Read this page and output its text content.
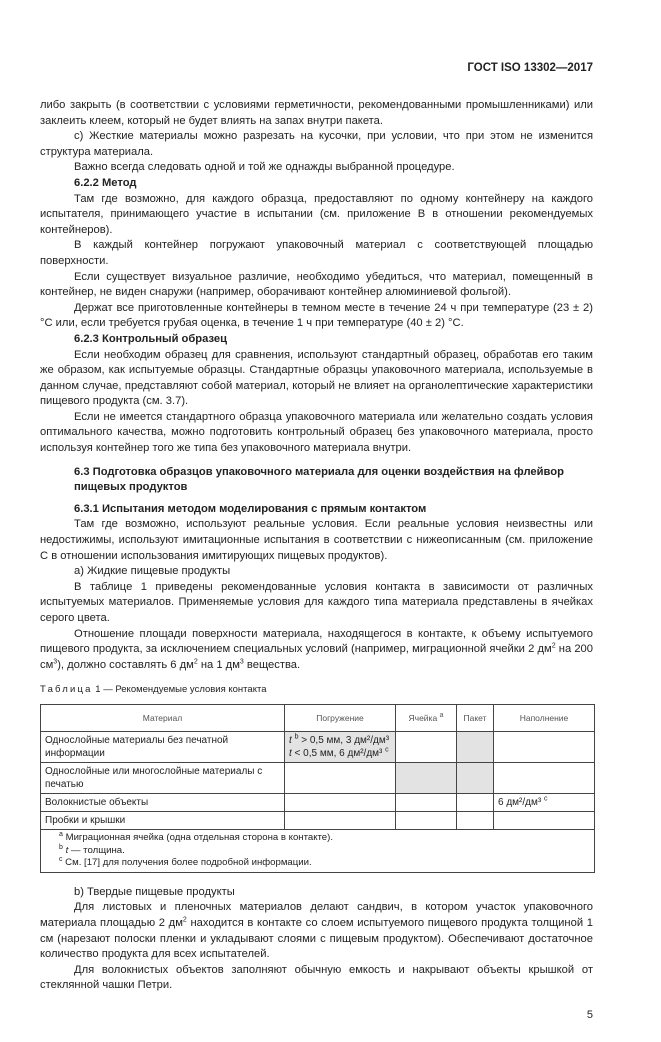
ГОСТ ISO 13302—2017

либо закрыть (в соответствии с условиями герметичности, рекомендованными промышленниками) или заклеить клеем, который не будет влиять на запах внутри пакета.

c) Жесткие материалы можно разрезать на кусочки, при условии, что при этом не изменится структура материала.

Важно всегда следовать одной и той же однажды выбранной процедуре.

6.2.2 Метод

Там где возможно, для каждого образца, предоставляют по одному контейнеру на каждого испытателя, принимающего участие в испытании (см. приложение В в отношении рекомендуемых контейнеров).

В каждый контейнер погружают упаковочный материал с соответствующей площадью поверхности.

Если существует визуальное различие, необходимо убедиться, что материал, помещенный в контейнер, не виден снаружи (например, оборачивают контейнер алюминиевой фольгой).

Держат все приготовленные контейнеры в темном месте в течение 24 ч при температуре (23 ± 2) °С или, если требуется грубая оценка, в течение 1 ч при температуре (40 ± 2) °С.

6.2.3 Контрольный образец

Если необходим образец для сравнения, используют стандартный образец, обработав его таким же образом, как испытуемые образцы. Стандартные образцы упаковочного материала, используемые в данном случае, представляют собой материал, который не влияет на органолептические характеристики пищевого продукта (см. 3.7).

Если не имеется стандартного образца упаковочного материала или желательно создать условия оптимального качества, можно подготовить контрольный образец без упаковочного материала, просто используя контейнер того же типа без упаковочного материала внутри.

6.3 Подготовка образцов упаковочного материала для оценки воздействия на флейвор пищевых продуктов
6.3.1 Испытания методом моделирования с прямым контактом

Там где возможно, используют реальные условия. Если реальные условия неизвестны или недостижимы, используют имитационные испытания в соответствии с нижеописанным (см. приложение С в отношении использования имитирующих пищевых продуктов).

a) Жидкие пищевые продукты

В таблице 1 приведены рекомендованные условия контакта в зависимости от различных испытуемых материалов. Применяемые условия для каждого типа материала представлены в ячейках серого цвета.

Отношение площади поверхности материала, находящегося в контакте, к объему испытуемого пищевого продукта, за исключением специальных условий (например, миграционной ячейки 2 $дм^2$ на 200 $см^3$), должно составлять 6 $дм^2$ на 1 $дм^3$ вещества.

Таблица 1 — Рекомендуемые условия контакта
Материал	Погружение	Ячейка $^a$	Пакет	Наполнение
Однослойные материалы без печатной информации	t $^b$ > 0,5 мм, 3 дм²/дм³
t < 0,5 мм, 6 дм²/дм³ $^c$			
Однослойные или многослойные материалы с печатью				
Волокнистые объекты				6 дм²/дм³ $^c$
Пробки и крышки				

$^a$ Миграционная ячейка (одна отдельная сторона в контакте).
$^b$ t — толщина.
$^c$ См. [17] для получения более подробной информации.				

b) Твердые пищевые продукты

Для листовых и пленочных материалов делают сандвич, в котором участок упаковочного материала площадью 2 $дм^2$ находится в контакте со слоем испытуемого пищевого продукта толщиной 1 см (нарезают полоски пленки и укладывают слоями с пищевым продуктом). Обеспечивают достаточное количество продукта для всех испытателей.

Для волокнистых объектов заполняют обычную емкость и накрывают объекты крышкой от стеклянной чашки Петри.

5
